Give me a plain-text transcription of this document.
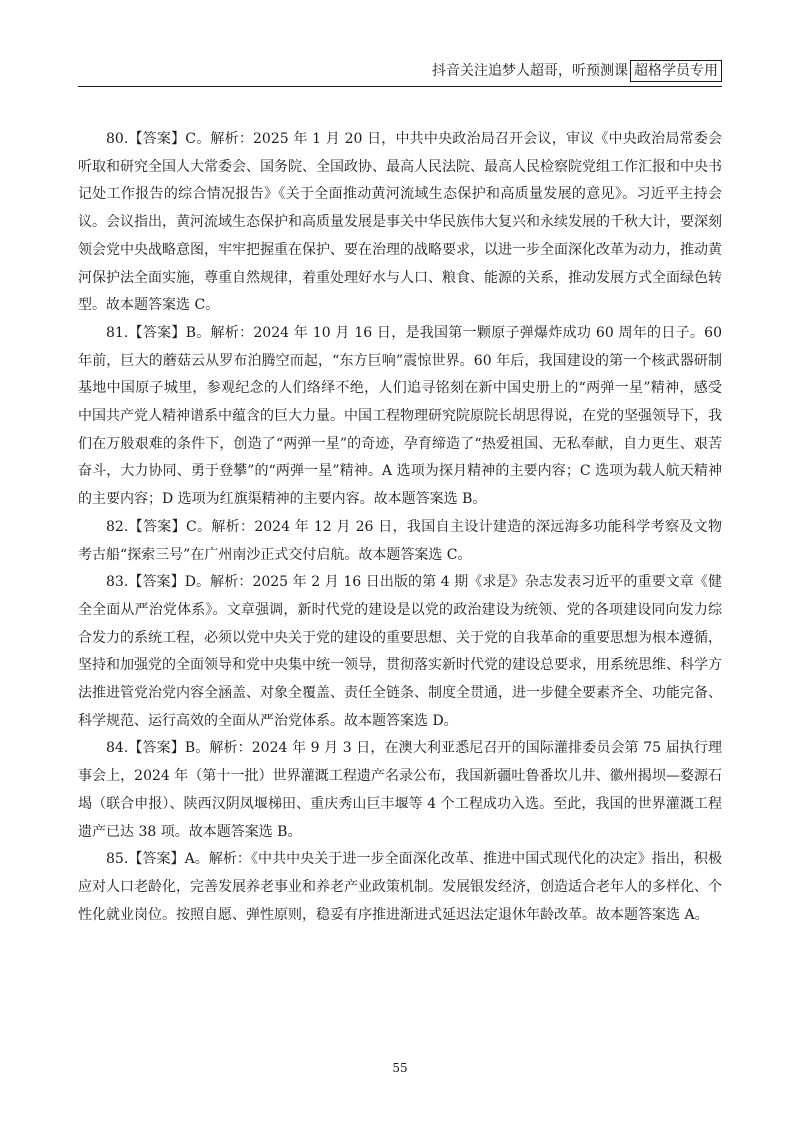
抖音关注追梦人超哥，听预测课 超格学员专用

80.【答案】C。解析：2025 年 1 月 20 日，中共中央政治局召开会议，审议《中央政治局常委会听取和研究全国人大常委会、国务院、全国政协、最高人民法院、最高人民检察院党组工作汇报和中央书记处工作报告的综合情况报告》《关于全面推动黄河流域生态保护和高质量发展的意见》。习近平主持会议。会议指出，黄河流域生态保护和高质量发展是事关中华民族伟大复兴和永续发展的千秋大计，要深刻领会党中央战略意图，牢牢把握重在保护、要在治理的战略要求，以进一步全面深化改革为动力，推动黄河保护法全面实施，尊重自然规律，着重处理好水与人口、粮食、能源的关系，推动发展方式全面绿色转型。故本题答案选 C。

81.【答案】B。解析：2024 年 10 月 16 日，是我国第一颗原子弹爆炸成功 60 周年的日子。60 年前，巨大的蘑菇云从罗布泊腾空而起，“东方巨响”震惊世界。60 年后，我国建设的第一个核武器研制基地中国原子城里，参观纪念的人们络绎不绝，人们追寻铭刻在新中国史册上的“两弹一星”精神，感受中国共产党人精神谱系中蕴含的巨大力量。中国工程物理研究院原院长胡思得说，在党的坚强领导下，我们在万般艰难的条件下，创造了“两弹一星”的奇迹，孕育缔造了“热爱祖国、无私奉献，自力更生、艰苦奋斗，大力协同、勇于登攀”的“两弹一星”精神。A 选项为探月精神的主要内容；C 选项为载人航天精神的主要内容；D 选项为红旗渠精神的主要内容。故本题答案选 B。

82.【答案】C。解析：2024 年 12 月 26 日，我国自主设计建造的深远海多功能科学考察及文物考古船“探索三号”在广州南沙正式交付启航。故本题答案选 C。

83.【答案】D。解析：2025 年 2 月 16 日出版的第 4 期《求是》杂志发表习近平的重要文章《健全全面从严治党体系》。文章强调，新时代党的建设是以党的政治建设为统领、党的各项建设同向发力综合发力的系统工程，必须以党中央关于党的建设的重要思想、关于党的自我革命的重要思想为根本遵循，坚持和加强党的全面领导和党中央集中统一领导，贯彻落实新时代党的建设总要求，用系统思维、科学方法推进管党治党内容全涵盖、对象全覆盖、责任全链条、制度全贯通，进一步健全要素齐全、功能完备、科学规范、运行高效的全面从严治党体系。故本题答案选 D。

84.【答案】B。解析：2024 年 9 月 3 日，在澳大利亚悉尼召开的国际灌排委员会第 75 届执行理事会上，2024 年（第十一批）世界灌溉工程遗产名录公布，我国新疆吐鲁番坎儿井、徽州揭坝—婺源石堨（联合申报）、陕西汉阴凤堰梯田、重庆秀山巨丰堰等 4 个工程成功入选。至此，我国的世界灌溉工程遗产已达 38 项。故本题答案选 B。

85.【答案】A。解析：《中共中央关于进一步全面深化改革、推进中国式现代化的决定》指出，积极应对人口老龄化，完善发展养老事业和养老产业政策机制。发展银发经济，创造适合老年人的多样化、个性化就业岗位。按照自愿、弹性原则，稳妥有序推进渐进式延迟法定退休年龄改革。故本题答案选 A。

55
